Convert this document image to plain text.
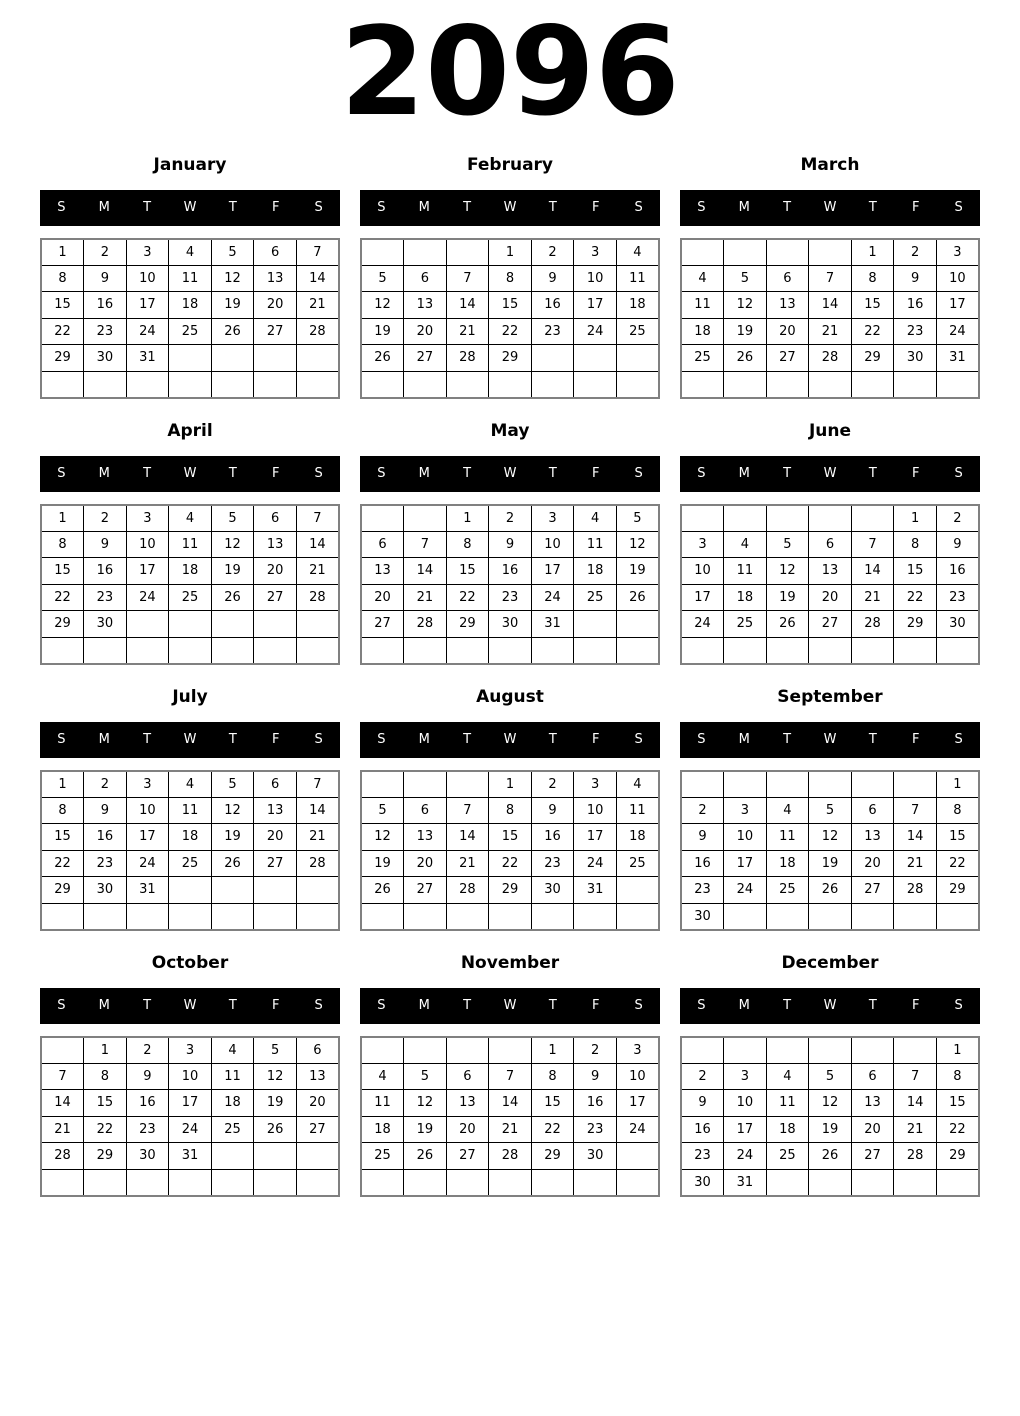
2096
January
S	M	T	W	T	F	S
1	2	3	4	5	6	7
8	9	10	11	12	13	14
15	16	17	18	19	20	21
22	23	24	25	26	27	28
29	30	31				

February
S	M	T	W	T	F	S
			1	2	3	4
5	6	7	8	9	10	11
12	13	14	15	16	17	18
19	20	21	22	23	24	25
26	27	28	29			

March
S	M	T	W	T	F	S
				1	2	3
4	5	6	7	8	9	10
11	12	13	14	15	16	17
18	19	20	21	22	23	24
25	26	27	28	29	30	31

April
S	M	T	W	T	F	S
1	2	3	4	5	6	7
8	9	10	11	12	13	14
15	16	17	18	19	20	21
22	23	24	25	26	27	28
29	30					

May
S	M	T	W	T	F	S
		1	2	3	4	5
6	7	8	9	10	11	12
13	14	15	16	17	18	19
20	21	22	23	24	25	26
27	28	29	30	31		

June
S	M	T	W	T	F	S
					1	2
3	4	5	6	7	8	9
10	11	12	13	14	15	16
17	18	19	20	21	22	23
24	25	26	27	28	29	30

July
S	M	T	W	T	F	S
1	2	3	4	5	6	7
8	9	10	11	12	13	14
15	16	17	18	19	20	21
22	23	24	25	26	27	28
29	30	31				

August
S	M	T	W	T	F	S
			1	2	3	4
5	6	7	8	9	10	11
12	13	14	15	16	17	18
19	20	21	22	23	24	25
26	27	28	29	30	31	

September
S	M	T	W	T	F	S
						1
2	3	4	5	6	7	8
9	10	11	12	13	14	15
16	17	18	19	20	21	22
23	24	25	26	27	28	29
30						
October
S	M	T	W	T	F	S
	1	2	3	4	5	6
7	8	9	10	11	12	13
14	15	16	17	18	19	20
21	22	23	24	25	26	27
28	29	30	31			

November
S	M	T	W	T	F	S
				1	2	3
4	5	6	7	8	9	10
11	12	13	14	15	16	17
18	19	20	21	22	23	24
25	26	27	28	29	30	

December
S	M	T	W	T	F	S
						1
2	3	4	5	6	7	8
9	10	11	12	13	14	15
16	17	18	19	20	21	22
23	24	25	26	27	28	29
30	31					
